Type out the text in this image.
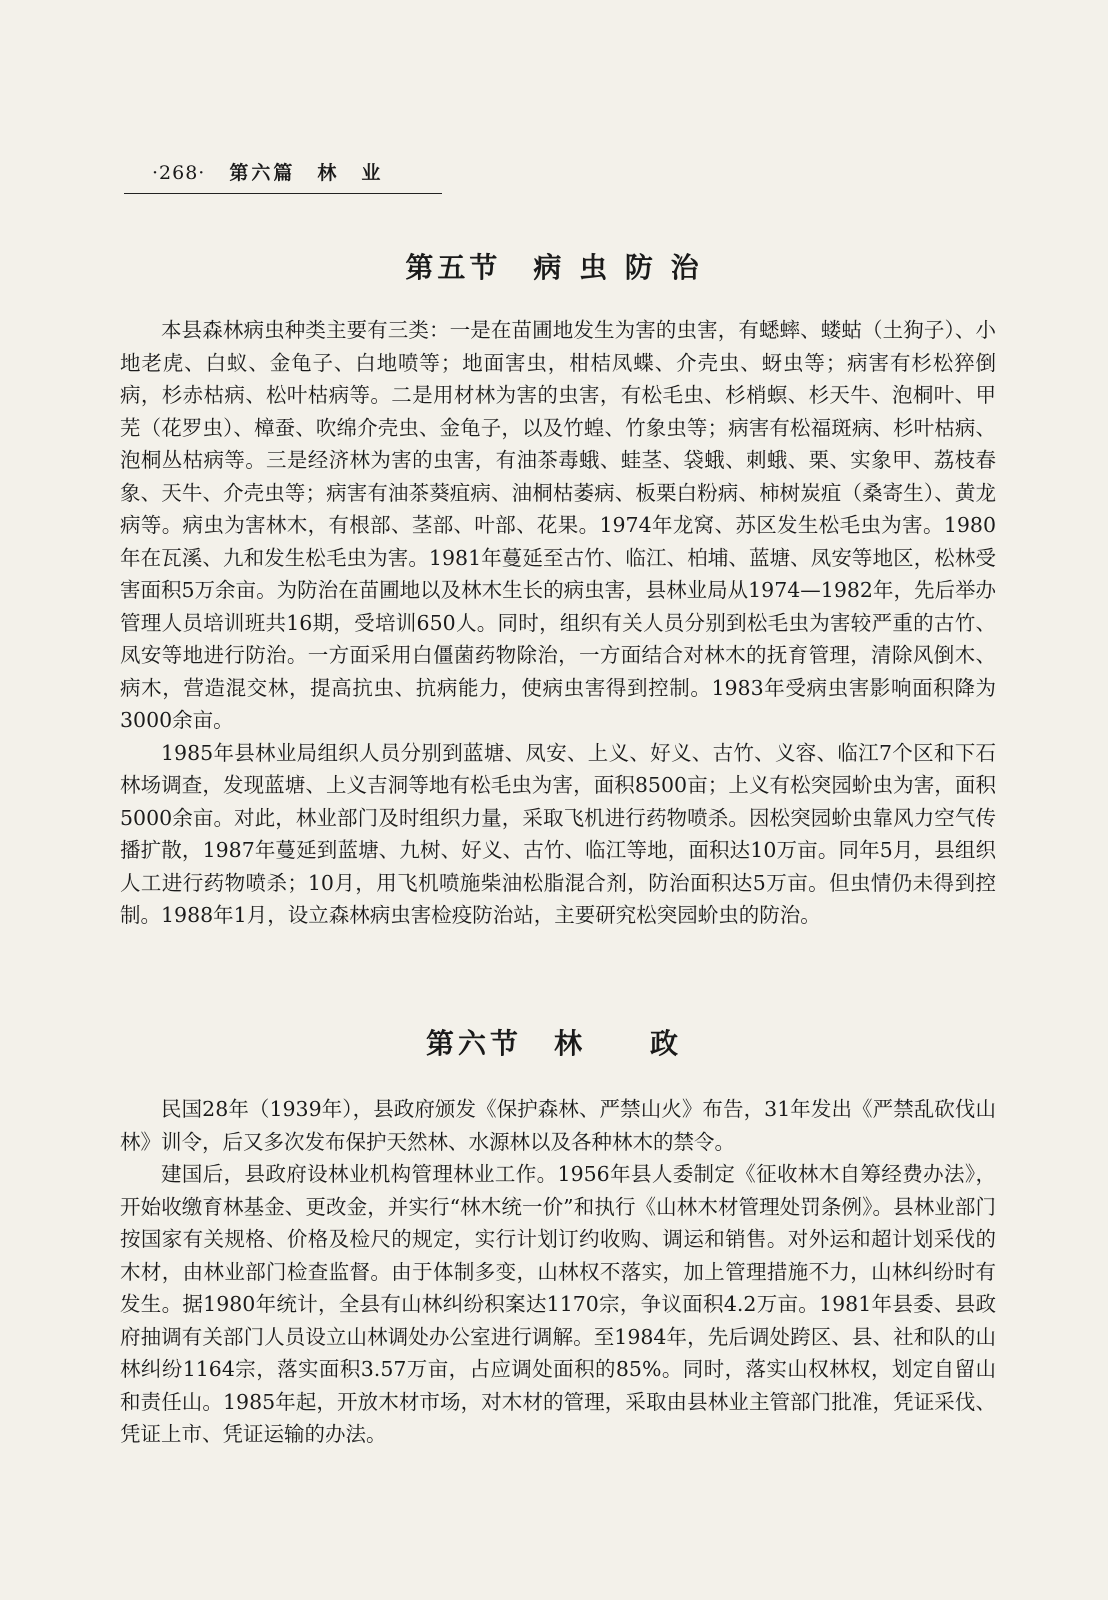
·268· 第六篇　林　业
第五节　病 虫 防 治

本县森林病虫种类主要有三类：一是在苗圃地发生为害的虫害，有蟋蟀、蝼蛄（土狗子）、小地老虎、白蚁、金龟子、白地喷等；地面害虫，柑桔凤蝶、介壳虫、蚜虫等；病害有杉松猝倒病，杉赤枯病、松叶枯病等。二是用材林为害的虫害，有松毛虫、杉梢螟、杉天牛、泡桐叶、甲芜（花罗虫）、樟蚕、吹绵介壳虫、金龟子，以及竹蝗、竹象虫等；病害有松福斑病、杉叶枯病、泡桐丛枯病等。三是经济林为害的虫害，有油茶毒蛾、蛙茎、袋蛾、刺蛾、栗、实象甲、荔枝春象、天牛、介壳虫等；病害有油茶葵疽病、油桐枯萎病、板栗白粉病、柿树炭疽（桑寄生）、黄龙病等。病虫为害林木，有根部、茎部、叶部、花果。1974年龙窝、苏区发生松毛虫为害。1980年在瓦溪、九和发生松毛虫为害。1981年蔓延至古竹、临江、柏埔、蓝塘、凤安等地区，松林受害面积5万余亩。为防治在苗圃地以及林木生长的病虫害，县林业局从1974—1982年，先后举办管理人员培训班共16期，受培训650人。同时，组织有关人员分别到松毛虫为害较严重的古竹、凤安等地进行防治。一方面采用白僵菌药物除治，一方面结合对林木的抚育管理，清除风倒木、病木，营造混交林，提高抗虫、抗病能力，使病虫害得到控制。1983年受病虫害影响面积降为3000余亩。

1985年县林业局组织人员分别到蓝塘、凤安、上义、好义、古竹、义容、临江7个区和下石林场调查，发现蓝塘、上义吉洞等地有松毛虫为害，面积8500亩；上义有松突园蚧虫为害，面积5000余亩。对此，林业部门及时组织力量，采取飞机进行药物喷杀。因松突园蚧虫靠风力空气传播扩散，1987年蔓延到蓝塘、九树、好义、古竹、临江等地，面积达10万亩。同年5月，县组织人工进行药物喷杀；10月，用飞机喷施柴油松脂混合剂，防治面积达5万亩。但虫情仍未得到控制。1988年1月，设立森林病虫害检疫防治站，主要研究松突园蚧虫的防治。

第六节　林　　政

民国28年（1939年），县政府颁发《保护森林、严禁山火》布告，31年发出《严禁乱砍伐山林》训令，后又多次发布保护天然林、水源林以及各种林木的禁令。

建国后，县政府设林业机构管理林业工作。1956年县人委制定《征收林木自筹经费办法》，开始收缴育林基金、更改金，并实行“林木统一价”和执行《山林木材管理处罚条例》。县林业部门按国家有关规格、价格及检尺的规定，实行计划订约收购、调运和销售。对外运和超计划采伐的木材，由林业部门检查监督。由于体制多变，山林权不落实，加上管理措施不力，山林纠纷时有发生。据1980年统计，全县有山林纠纷积案达1170宗，争议面积4.2万亩。1981年县委、县政府抽调有关部门人员设立山林调处办公室进行调解。至1984年，先后调处跨区、县、社和队的山林纠纷1164宗，落实面积3.57万亩，占应调处面积的85%。同时，落实山权林权，划定自留山和责任山。1985年起，开放木材市场，对木材的管理，采取由县林业主管部门批准，凭证采伐、凭证上市、凭证运输的办法。
